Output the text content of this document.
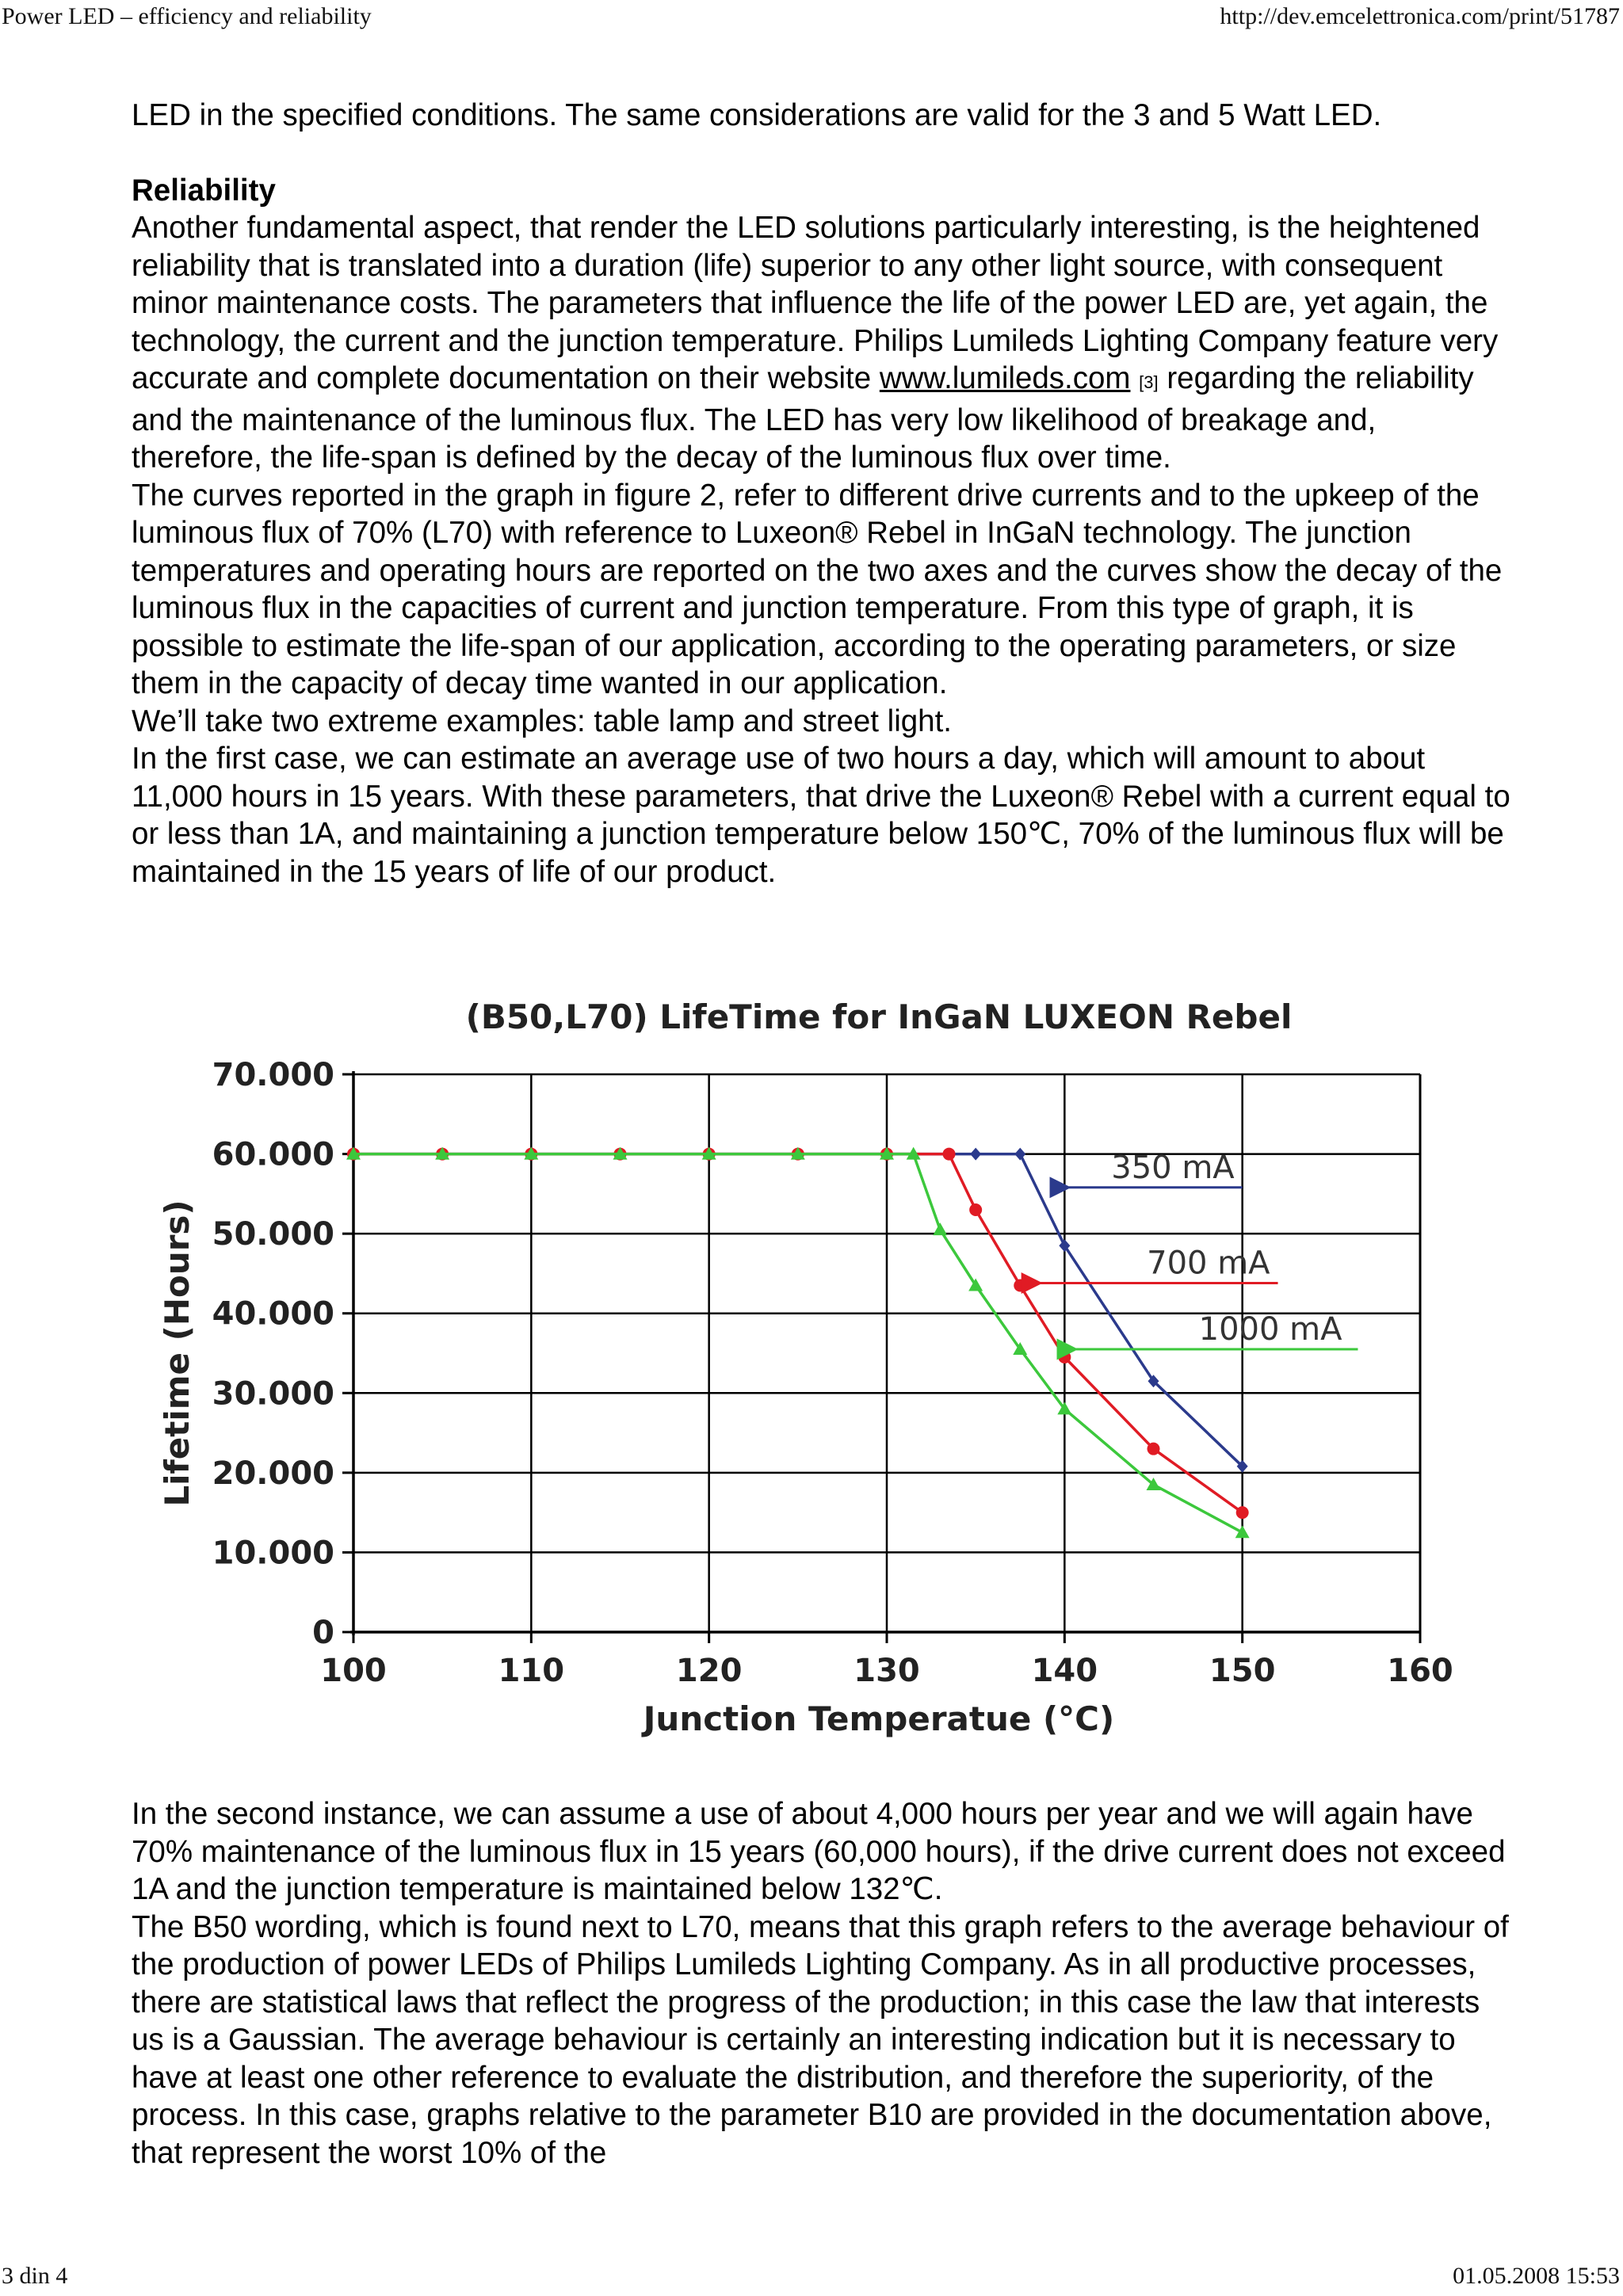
Power LED – efficiency and reliability	http://dev.emcelettronica.com/print/51787

LED in the specified conditions. The same considerations are valid for the 3 and 5 Watt LED.

Reliability

Another fundamental aspect, that render the LED solutions particularly interesting, is the heightened reliability that is translated into a duration (life) superior to any other light source, with consequent minor maintenance costs. The parameters that influence the life of the power LED are, yet again, the technology, the current and the junction temperature. Philips Lumileds Lighting Company feature very accurate and complete documentation on their website www.lumileds.com [3] regarding the reliability and the maintenance of the luminous flux. The LED has very low likelihood of breakage and, therefore, the life-span is defined by the decay of the luminous flux over time.

The curves reported in the graph in figure 2, refer to different drive currents and to the upkeep of the luminous flux of 70% (L70) with reference to Luxeon® Rebel in InGaN technology. The junction temperatures and operating hours are reported on the two axes and the curves show the decay of the luminous flux in the capacities of current and junction temperature. From this type of graph, it is possible to estimate the life-span of our application, according to the operating parameters, or size them in the capacity of decay time wanted in our application.

We’ll take two extreme examples: table lamp and street light.

In the first case, we can estimate an average use of two hours a day, which will amount to about 11,000 hours in 15 years. With these parameters, that drive the Luxeon® Rebel with a current equal to or less than 1A, and maintaining a junction temperature below 150℃, 70% of the luminous flux will be maintained in the 15 years of life of our product.

(B50,L70) LifeTime for InGaN LUXEON Rebel
0
10.000
20.000
30.000
40.000
50.000
60.000
70.000
100	110	120	130	140	150	160
Junction Temperatue (°C)
Lifetime (Hours)
350 mA
700 mA
1000 mA

In the second instance, we can assume a use of about 4,000 hours per year and we will again have 70% maintenance of the luminous flux in 15 years (60,000 hours), if the drive current does not exceed 1A and the junction temperature is maintained below 132℃.

The B50 wording, which is found next to L70, means that this graph refers to the average behaviour of the production of power LEDs of Philips Lumileds Lighting Company. As in all productive processes, there are statistical laws that reflect the progress of the production; in this case the law that interests us is a Gaussian. The average behaviour is certainly an interesting indication but it is necessary to have at least one other reference to evaluate the distribution, and therefore the superiority, of the process. In this case, graphs relative to the parameter B10 are provided in the documentation above, that represent the worst 10% of the

3 din 4	01.05.2008 15:53
